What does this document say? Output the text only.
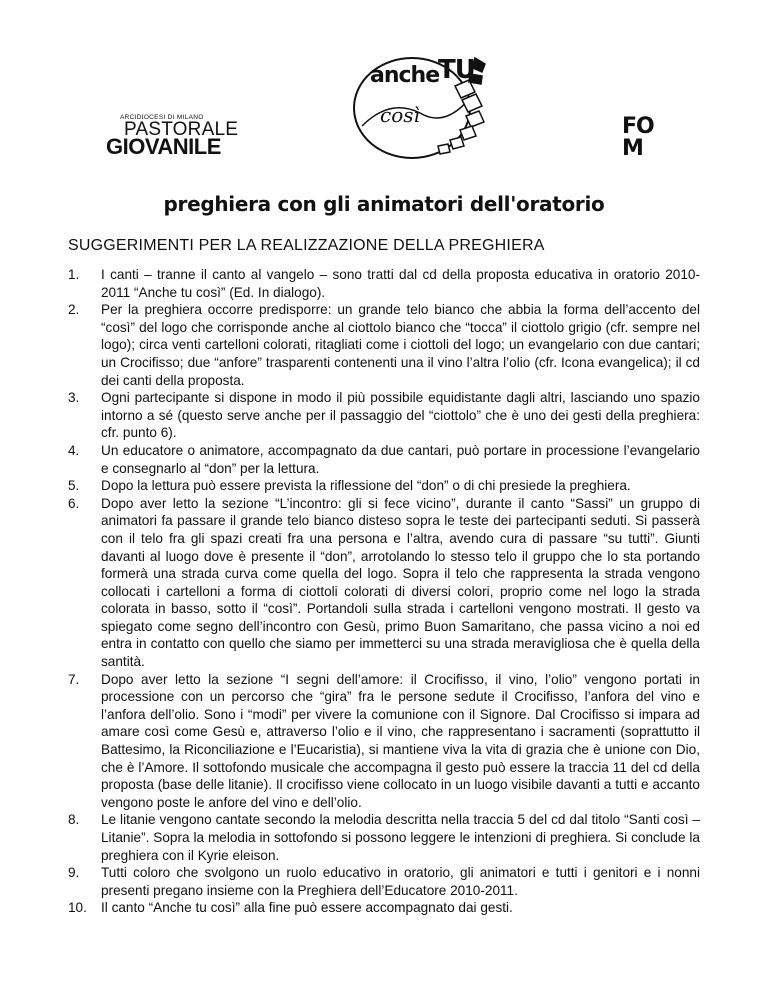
ARCIDIOCESI DI MILANO
PASTORALE
GIOVANILE
anche
TU
così	FO
M
preghiera con gli animatori dell'oratorio
SUGGERIMENTI PER LA REALIZZAZIONE DELLA PREGHIERA
1. I canti – tranne il canto al vangelo – sono tratti dal cd della proposta educativa in oratorio 2010-2011 “Anche tu così” (Ed. In dialogo).
2. Per la preghiera occorre predisporre: un grande telo bianco che abbia la forma dell’accento del “così” del logo che corrisponde anche al ciottolo bianco che “tocca” il ciottolo grigio (cfr. sempre nel logo); circa venti cartelloni colorati, ritagliati come i ciottoli del logo; un evangelario con due cantari; un Crocifisso; due “anfore” trasparenti contenenti una il vino l’altra l’olio (cfr. Icona evangelica); il cd dei canti della proposta.
3. Ogni partecipante si dispone in modo il più possibile equidistante dagli altri, lasciando uno spazio intorno a sé (questo serve anche per il passaggio del “ciottolo” che è uno dei gesti della preghiera: cfr. punto 6).
4. Un educatore o animatore, accompagnato da due cantari, può portare in processione l’evangelario e consegnarlo al “don” per la lettura.
5. Dopo la lettura può essere prevista la riflessione del “don” o di chi presiede la preghiera.
6. Dopo aver letto la sezione “L’incontro: gli si fece vicino”, durante il canto “Sassi” un gruppo di animatori fa passare il grande telo bianco disteso sopra le teste dei partecipanti seduti. Si passerà con il telo fra gli spazi creati fra una persona e l’altra, avendo cura di passare “su tutti”. Giunti davanti al luogo dove è presente il “don”, arrotolando lo stesso telo il gruppo che lo sta portando formerà una strada curva come quella del logo. Sopra il telo che rappresenta la strada vengono collocati i cartelloni a forma di ciottoli colorati di diversi colori, proprio come nel logo la strada colorata in basso, sotto il “così”. Portandoli sulla strada i cartelloni vengono mostrati. Il gesto va spiegato come segno dell’incontro con Gesù, primo Buon Samaritano, che passa vicino a noi ed entra in contatto con quello che siamo per immetterci su una strada meravigliosa che è quella della santità.
7. Dopo aver letto la sezione “I segni dell’amore: il Crocifisso, il vino, l’olio” vengono portati in processione con un percorso che “gira” fra le persone sedute il Crocifisso, l’anfora del vino e l’anfora dell’olio. Sono i “modi” per vivere la comunione con il Signore. Dal Crocifisso si impara ad amare così come Gesù e, attraverso l’olio e il vino, che rappresentano i sacramenti (soprattutto il Battesimo, la Riconciliazione e l’Eucaristia), si mantiene viva la vita di grazia che è unione con Dio, che è l’Amore. Il sottofondo musicale che accompagna il gesto può essere la traccia 11 del cd della proposta (base delle litanie). Il crocifisso viene collocato in un luogo visibile davanti a tutti e accanto vengono poste le anfore del vino e dell’olio.
8. Le litanie vengono cantate secondo la melodia descritta nella traccia 5 del cd dal titolo “Santi così – Litanie”. Sopra la melodia in sottofondo si possono leggere le intenzioni di preghiera. Si conclude la preghiera con il Kyrie eleison.
9. Tutti coloro che svolgono un ruolo educativo in oratorio, gli animatori e tutti i genitori e i nonni presenti pregano insieme con la Preghiera dell’Educatore 2010-2011.
10. Il canto “Anche tu così” alla fine può essere accompagnato dai gesti.
